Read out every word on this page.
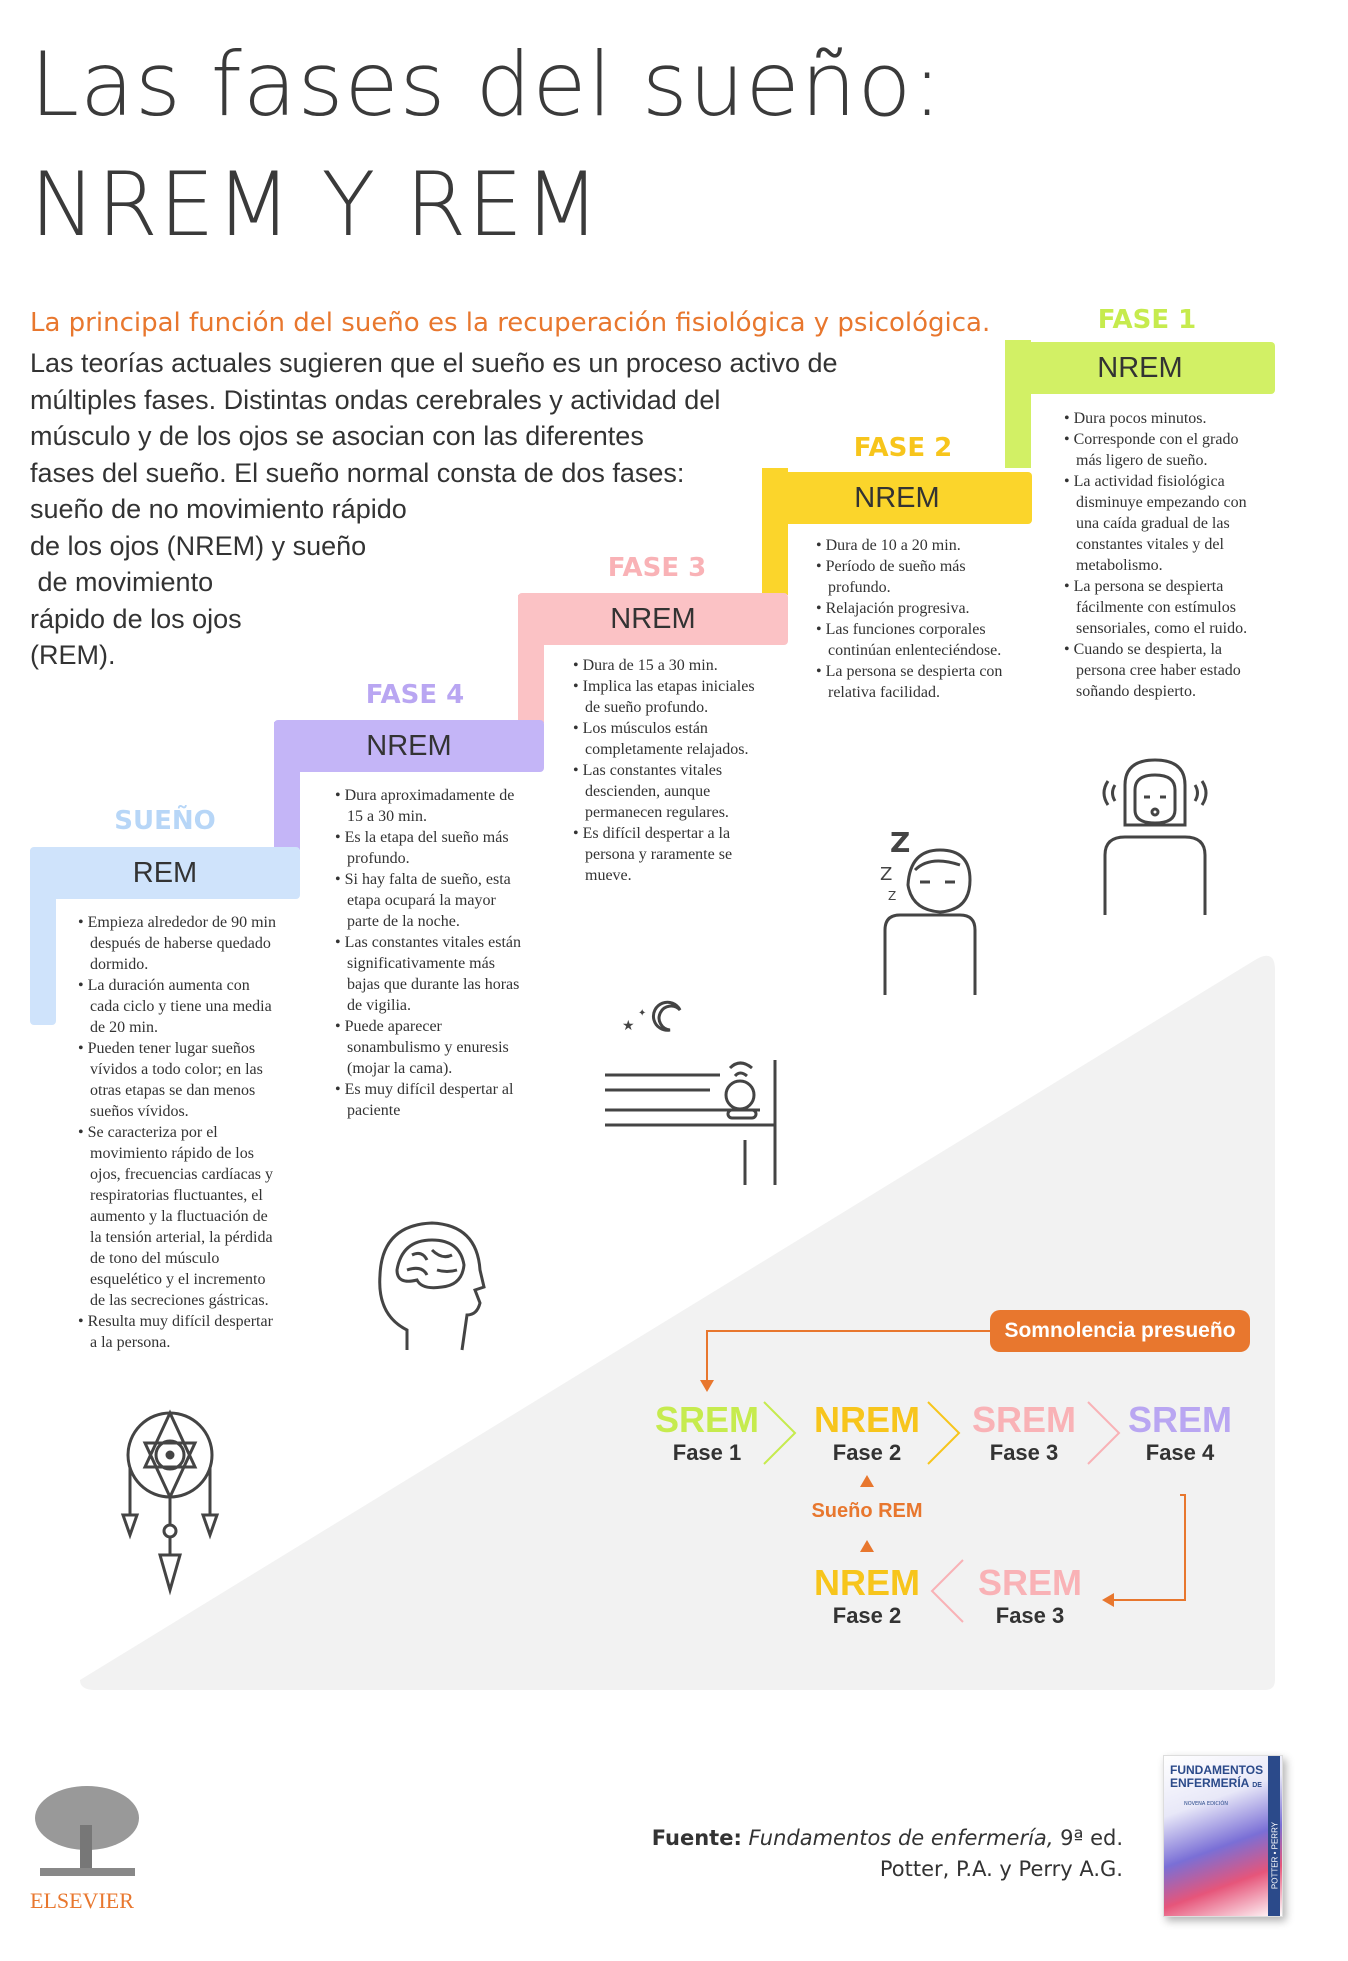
Las fases del sueño:
NREM Y REM
La principal función del sueño es la recuperación fisiológica y psicológica.
Las teorías actuales sugieren que el sueño es un proceso activo de
múltiples fases. Distintas ondas cerebrales y actividad del
músculo y de los ojos se asocian con las diferentes
fases del sueño. El sueño normal consta de dos fases:
sueño de no movimiento rápido
de los ojos (NREM) y sueño
de movimiento
rápido de los ojos
(REM).
SUEÑO
REM
• Empieza alrededor de 90 min después de haberse quedado dormido.
• La duración aumenta con cada ciclo y tiene una media de 20 min.
• Pueden tener lugar sueños vívidos a todo color; en las otras etapas se dan menos sueños vívidos.
• Se caracteriza por el movimiento rápido de los ojos, frecuencias cardíacas y respiratorias fluctuantes, el aumento y la fluctuación de la tensión arterial, la pérdida de tono del músculo esquelético y el incremento de las secreciones gástricas.
• Resulta muy difícil despertar a la persona.
FASE 4
NREM
• Dura aproximadamente de 15 a 30 min.
• Es la etapa del sueño más profundo.
• Si hay falta de sueño, esta etapa ocupará la mayor parte de la noche.
• Las constantes vitales están significativamente más bajas que durante las horas de vigilia.
• Puede aparecer sonambulismo y enuresis (mojar la cama).
• Es muy difícil despertar al paciente
FASE 3
NREM
• Dura de 15 a 30 min.
• Implica las etapas iniciales de sueño profundo.
• Los músculos están completamente relajados.
• Las constantes vitales descienden, aunque permanecen regulares.
• Es difícil despertar a la persona y raramente se mueve.
FASE 2
NREM
• Dura de 10 a 20 min.
• Período de sueño más profundo.
• Relajación progresiva.
• Las funciones corporales continúan enlenteciéndose.
• La persona se despierta con relativa facilidad.
FASE 1
NREM
• Dura pocos minutos.
• Corresponde con el grado más ligero de sueño.
• La actividad fisiológica disminuye empezando con una caída gradual de las constantes vitales y del metabolismo.
• La persona se despierta fácilmente con estímulos sensoriales, como el ruido.
• Cuando se despierta, la persona cree haber estado soñando despierto.
★
✦
Z
Z
Z
Somnolencia presueño
SREM
Fase 1
NREM
Fase 2
SREM
Fase 3
SREM
Fase 4
Sueño REM
NREM
Fase 2
SREM
Fase 3
ELSEVIER
Fuente: Fundamentos de enfermería, 9ª ed.
Potter, P.A. y Perry A.G.
FUNDAMENTOS ENFERMERÍA DE
NOVENA EDICIÓN
POTTER • PERRY
